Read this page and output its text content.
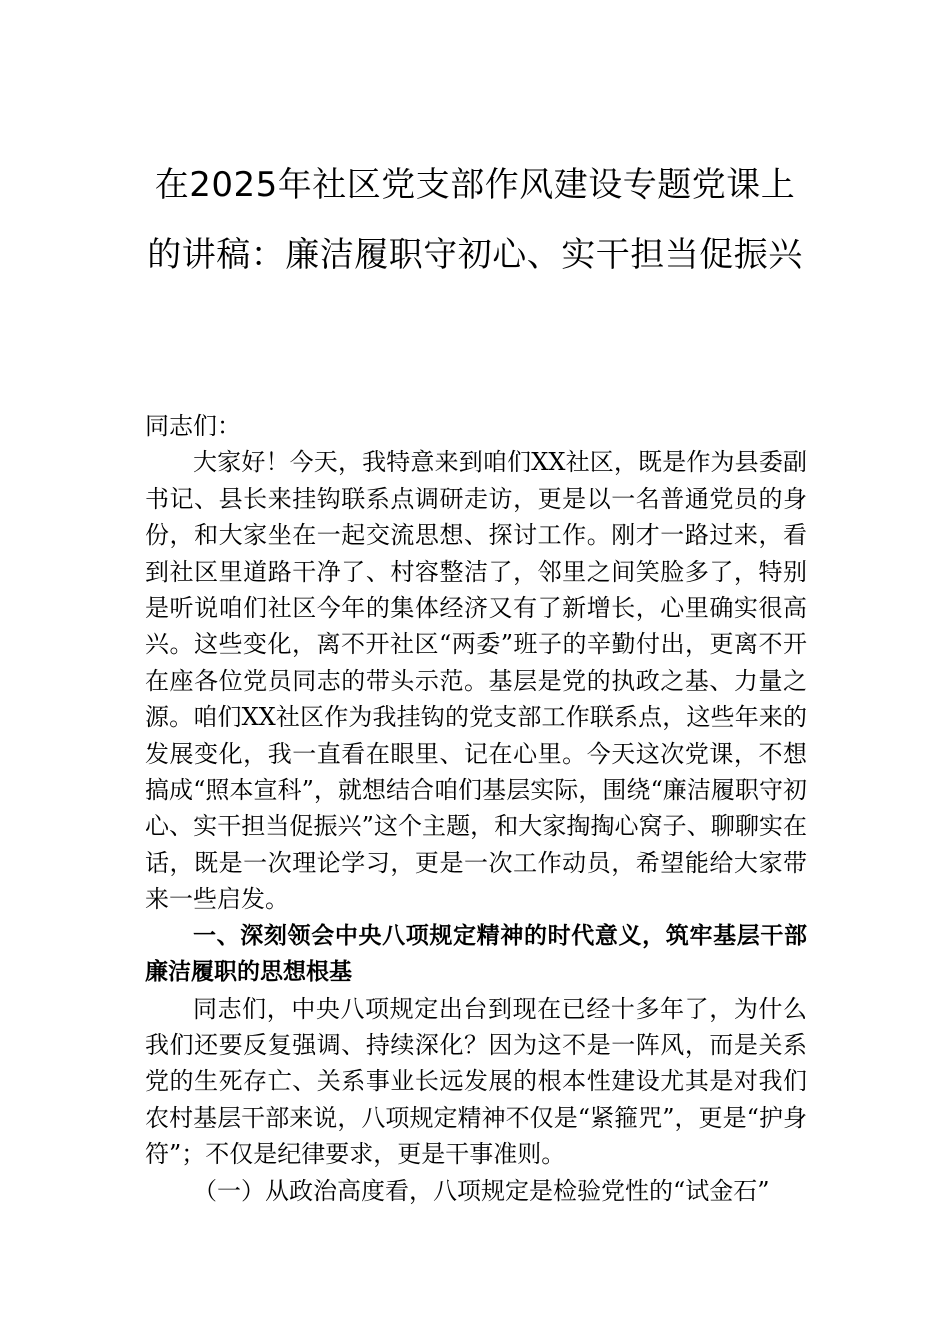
在2025年社区党支部作风建设专题党课上的讲稿：廉洁履职守初心、实干担当促振兴

同志们：

大家好！今天，我特意来到咱们XX社区，既是作为县委副书记、县长来挂钩联系点调研走访，更是以一名普通党员的身份，和大家坐在一起交流思想、探讨工作。刚才一路过来，看到社区里道路干净了、村容整洁了，邻里之间笑脸多了，特别是听说咱们社区今年的集体经济又有了新增长，心里确实很高兴。这些变化，离不开社区“两委”班子的辛勤付出，更离不开在座各位党员同志的带头示范。基层是党的执政之基、力量之源。咱们XX社区作为我挂钩的党支部工作联系点，这些年来的发展变化，我一直看在眼里、记在心里。今天这次党课，不想搞成“照本宣科”，就想结合咱们基层实际，围绕“廉洁履职守初心、实干担当促振兴”这个主题，和大家掏掏心窝子、聊聊实在话，既是一次理论学习，更是一次工作动员，希望能给大家带来一些启发。

一、深刻领会中央八项规定精神的时代意义，筑牢基层干部廉洁履职的思想根基

同志们，中央八项规定出台到现在已经十多年了，为什么我们还要反复强调、持续深化？因为这不是一阵风，而是关系党的生死存亡、关系事业长远发展的根本性建设尤其是对我们农村基层干部来说，八项规定精神不仅是“紧箍咒”，更是“护身符”；不仅是纪律要求，更是干事准则。

（一）从政治高度看，八项规定是检验党性的“试金石”
